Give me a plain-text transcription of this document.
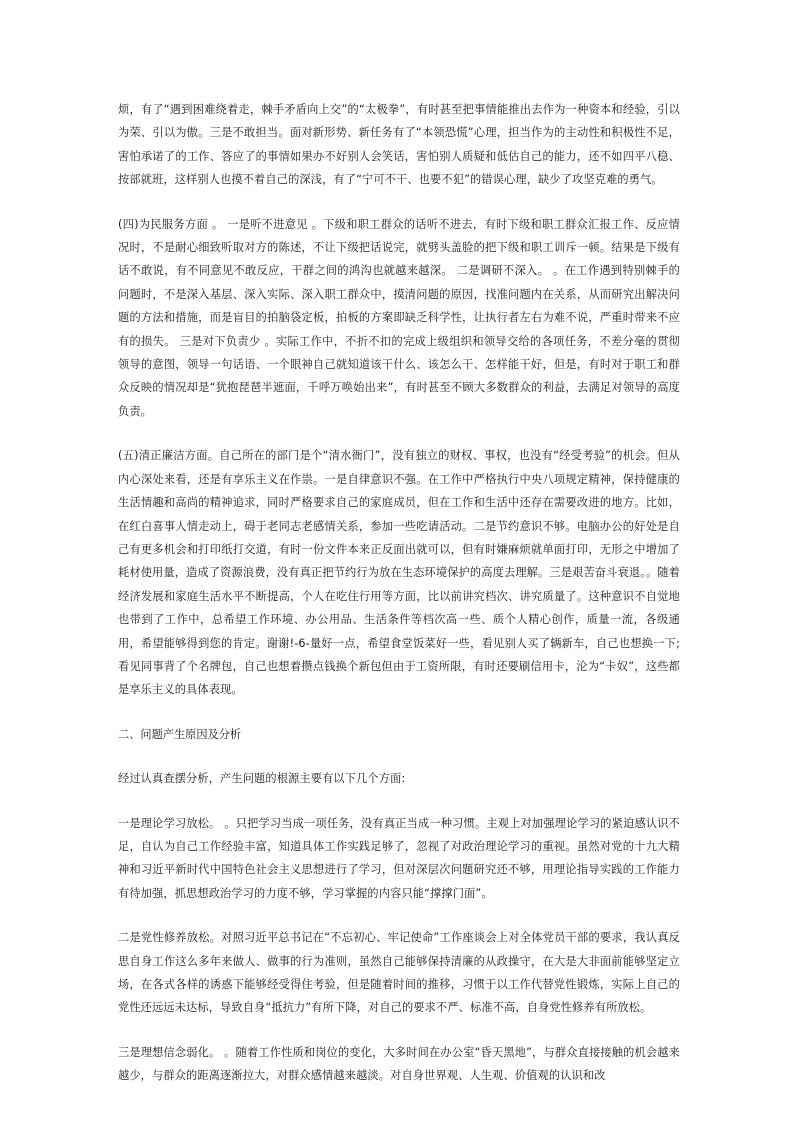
烦，有了“遇到困难绕着走，棘手矛盾向上交”的“太极拳”，有时甚至把事情能推出去作为一种资本和经验，引以为荣、引以为傲。三是不敢担当。面对新形势、新任务有了“本领恐慌”心理，担当作为的主动性和积极性不足，害怕承诺了的工作、答应了的事情如果办不好别人会笑话，害怕别人质疑和低估自己的能力，还不如四平八稳、按部就班，这样别人也摸不着自己的深浅，有了“宁可不干、也要不犯”的错误心理，缺少了攻坚克难的勇气。

(四)为民服务方面 。 一是听不进意见 。下级和职工群众的话听不进去，有时下级和职工群众汇报工作、反应情况时，不是耐心细致听取对方的陈述，不让下级把话说完，就劈头盖脸的把下级和职工训斥一顿。结果是下级有话不敢说，有不同意见不敢反应，干群之间的鸿沟也就越来越深。 二是调研不深入。 。在工作遇到特别棘手的问题时，不是深入基层、深入实际、深入职工群众中，摸清问题的原因，找准问题内在关系，从而研究出解决问题的方法和措施，而是盲目的拍脑袋定板，拍板的方案即缺乏科学性，让执行者左右为难不说，严重时带来不应有的损失。 三是对下负责少 。实际工作中，不折不扣的完成上级组织和领导交给的各项任务，不差分毫的贯彻领导的意图，领导一句话语、一个眼神自己就知道该干什么、该怎么干、怎样能干好，但是，有时对于职工和群众反映的情况却是“犹抱琵琶半遮面，千呼万唤始出来”，有时甚至不顾大多数群众的利益，去满足对领导的高度负责。

(五)清正廉洁方面。自己所在的部门是个“清水衙门”，没有独立的财权、事权，也没有“经受考验”的机会。但从内心深处来看，还是有享乐主义在作祟。一是自律意识不强。在工作中严格执行中央八项规定精神，保持健康的生活情趣和高尚的精神追求，同时严格要求自己的家庭成员，但在工作和生活中还存在需要改进的地方。比如，在红白喜事人情走动上，碍于老同志老感情关系，参加一些吃请活动。二是节约意识不够。电脑办公的好处是自己有更多机会和打印纸打交道，有时一份文件本来正反面出就可以，但有时嫌麻烦就单面打印，无形之中增加了耗材使用量，造成了资源浪费，没有真正把节约行为放在生态环境保护的高度去理解。三是艰苦奋斗衰退。。随着经济发展和家庭生活水平不断提高，个人在吃住行用等方面，比以前讲究档次、讲究质量了。这种意识不自觉地也带到了工作中，总希望工作环境、办公用品、生活条件等档次高一些、质个人精心创作，质量一流，各级通用，希望能够得到您的肯定。谢谢!-6-量好一点，希望食堂饭菜好一些，看见别人买了辆新车，自己也想换一下;看见同事背了个名牌包，自己也想着攒点钱换个新包但由于工资所限，有时还要刷信用卡，沦为“卡奴”，这些都是享乐主义的具体表现。

二、问题产生原因及分析

经过认真查摆分析，产生问题的根源主要有以下几个方面:

一是理论学习放松。 。只把学习当成一项任务，没有真正当成一种习惯。主观上对加强理论学习的紧迫感认识不足，自认为自己工作经验丰富，知道具体工作实践足够了，忽视了对政治理论学习的重视。虽然对党的十九大精神和习近平新时代中国特色社会主义思想进行了学习，但对深层次问题研究还不够，用理论指导实践的工作能力有待加强，抓思想政治学习的力度不够，学习掌握的内容只能“撑撑门面”。

二是党性修养放松。对照习近平总书记在“不忘初心、牢记使命”工作座谈会上对全体党员干部的要求，我认真反思自身工作这么多年来做人、做事的行为准则，虽然自己能够保持清廉的从政操守，在大是大非面前能够坚定立场，在各式各样的诱惑下能够经受得住考验，但是随着时间的推移，习惯于以工作代替党性锻炼，实际上自己的党性还远远未达标，导致自身“抵抗力”有所下降，对自己的要求不严、标准不高，自身党性修养有所放松。

三是理想信念弱化。 。随着工作性质和岗位的变化，大多时间在办公室“昏天黑地”，与群众直接接触的机会越来越少，与群众的距离逐渐拉大，对群众感情越来越淡。对自身世界观、人生观、价值观的认识和改
